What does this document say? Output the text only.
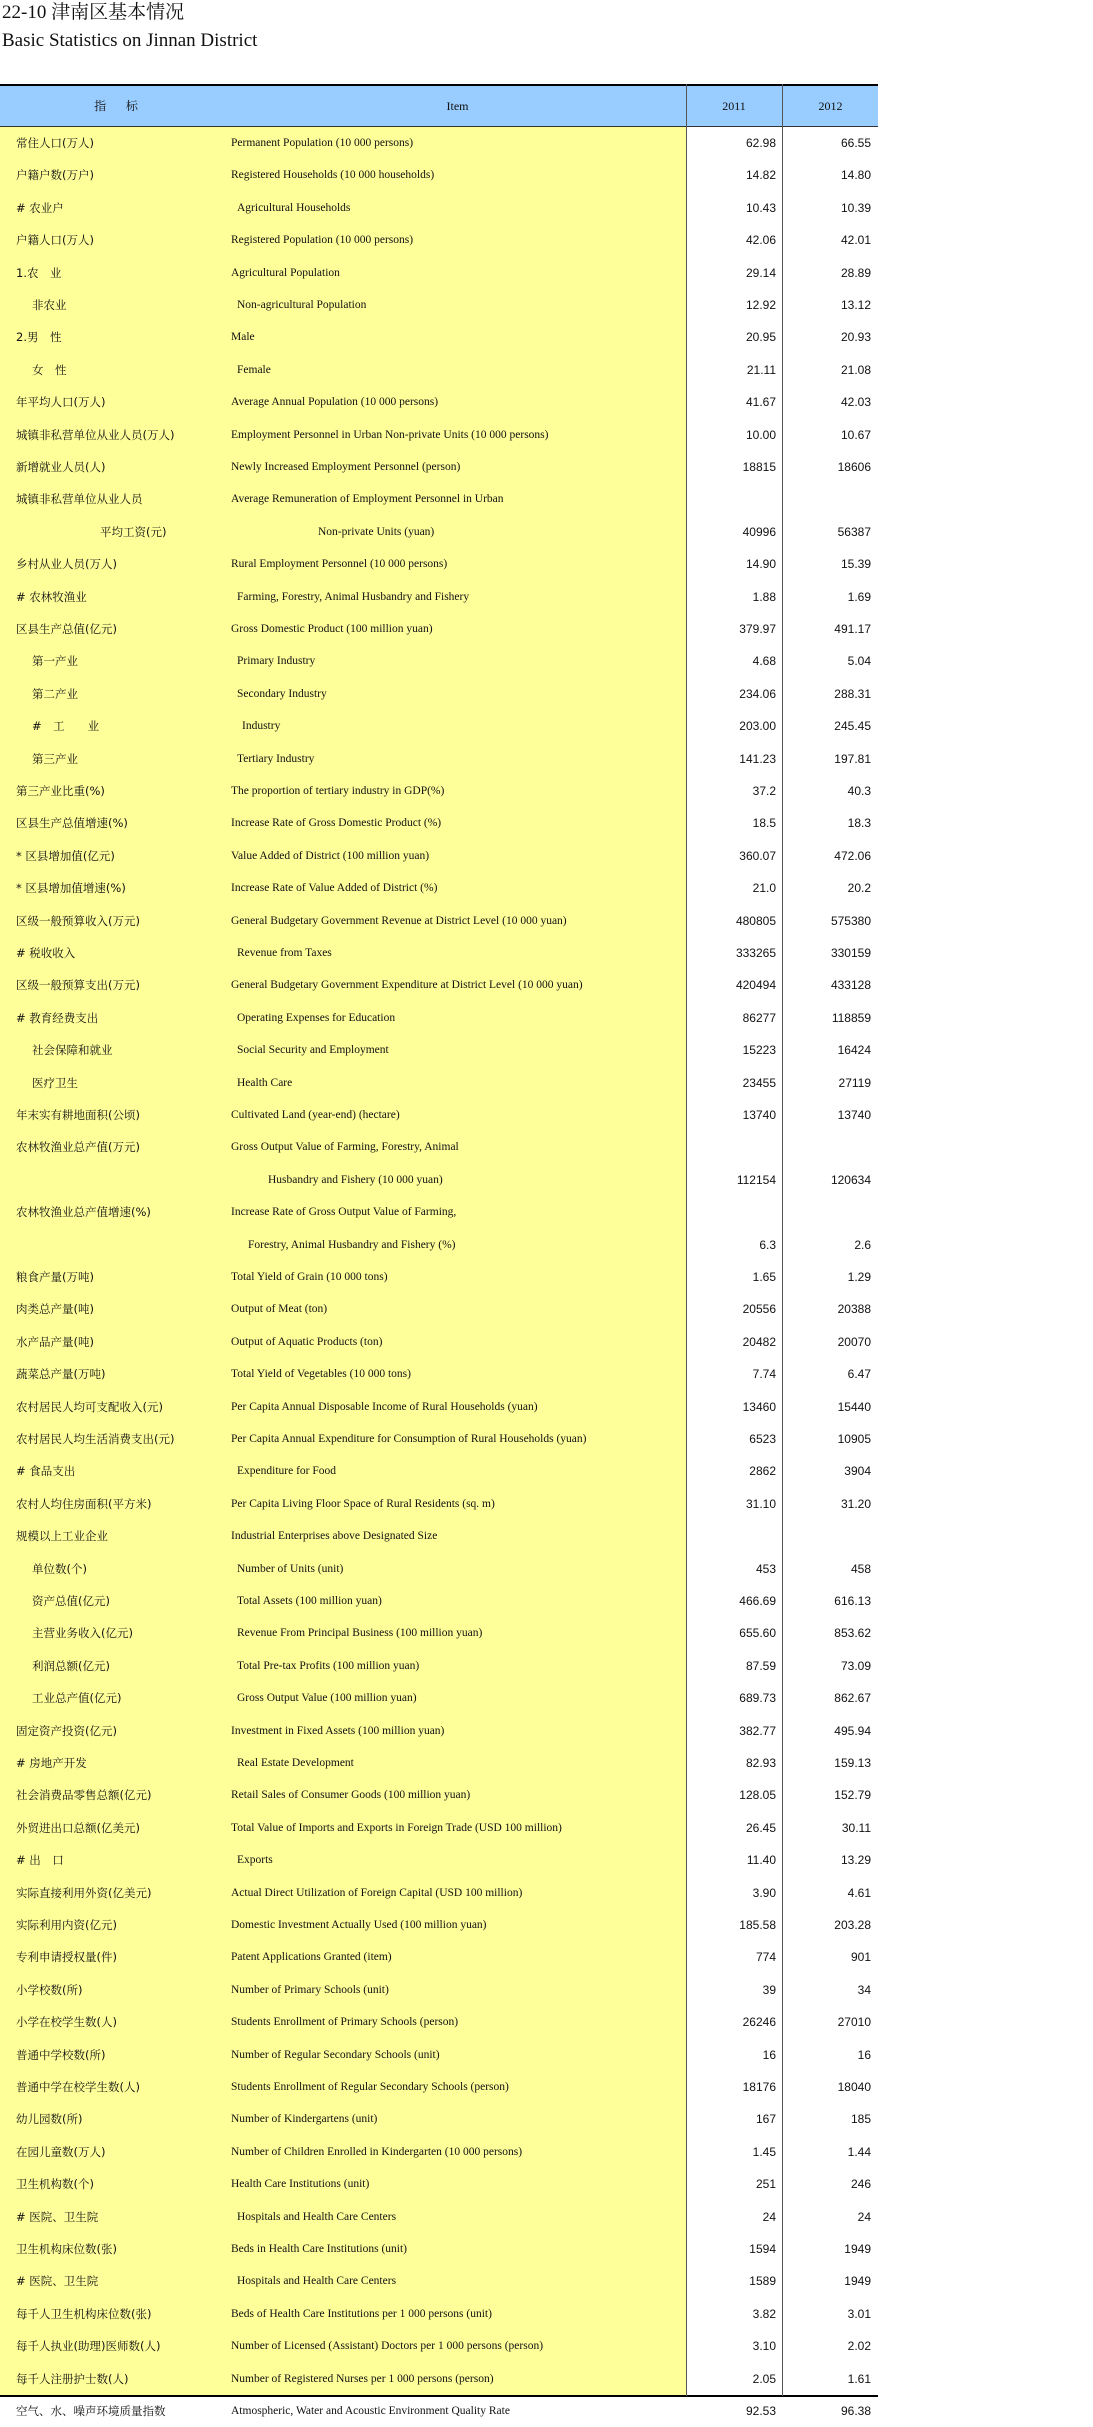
22-10 津南区基本情况
Basic Statistics on Jinnan District
指 标	Item	2011	2012
常住人口(万人)	Permanent Population (10 000 persons)	62.98	66.55
户籍户数(万户)	Registered Households (10 000 households)	14.82	14.80
# 农业户	Agricultural Households	10.43	10.39
户籍人口(万人)	Registered Population (10 000 persons)	42.06	42.01
1.农　业	Agricultural Population	29.14	28.89
非农业	Non-agricultural Population	12.92	13.12
2.男　性	Male	20.95	20.93
女　性	Female	21.11	21.08
年平均人口(万人)	Average Annual Population (10 000 persons)	41.67	42.03
城镇非私营单位从业人员(万人)	Employment Personnel in Urban Non-private Units (10 000 persons)	10.00	10.67
新增就业人员(人)	Newly Increased Employment Personnel (person)	18815	18606
城镇非私营单位从业人员	Average Remuneration of Employment Personnel in Urban
平均工资(元)	Non-private Units (yuan)	40996	56387
乡村从业人员(万人)	Rural Employment Personnel (10 000 persons)	14.90	15.39
# 农林牧渔业	Farming, Forestry, Animal Husbandry and Fishery	1.88	1.69
区县生产总值(亿元)	Gross Domestic Product (100 million yuan)	379.97	491.17
第一产业	Primary Industry	4.68	5.04
第二产业	Secondary Industry	234.06	288.31
#　工　　业	Industry	203.00	245.45
第三产业	Tertiary Industry	141.23	197.81
第三产业比重(%)	The proportion of tertiary industry in GDP(%)	37.2	40.3
区县生产总值增速(%)	Increase Rate of Gross Domestic Product (%)	18.5	18.3
* 区县增加值(亿元)	Value Added of District (100 million yuan)	360.07	472.06
* 区县增加值增速(%)	Increase Rate of Value Added of District (%)	21.0	20.2
区级一般预算收入(万元)	General Budgetary Government Revenue at District Level (10 000 yuan)	480805	575380
# 税收收入	Revenue from Taxes	333265	330159
区级一般预算支出(万元)	General Budgetary Government Expenditure at District Level (10 000 yuan)	420494	433128
# 教育经费支出	Operating Expenses for Education	86277	118859
社会保障和就业	Social Security and Employment	15223	16424
医疗卫生	Health Care	23455	27119
年末实有耕地面积(公顷)	Cultivated Land (year-end) (hectare)	13740	13740
农林牧渔业总产值(万元)	Gross Output Value of Farming, Forestry, Animal
Husbandry and Fishery (10 000 yuan)	112154	120634
农林牧渔业总产值增速(%)	Increase Rate of Gross Output Value of Farming,
Forestry, Animal Husbandry and Fishery (%)	6.3	2.6
粮食产量(万吨)	Total Yield of Grain (10 000 tons)	1.65	1.29
肉类总产量(吨)	Output of Meat (ton)	20556	20388
水产品产量(吨)	Output of Aquatic Products (ton)	20482	20070
蔬菜总产量(万吨)	Total Yield of Vegetables (10 000 tons)	7.74	6.47
农村居民人均可支配收入(元)	Per Capita Annual Disposable Income of Rural Households (yuan)	13460	15440
农村居民人均生活消费支出(元)	Per Capita Annual Expenditure for Consumption of Rural Households (yuan)	6523	10905
# 食品支出	Expenditure for Food	2862	3904
农村人均住房面积(平方米)	Per Capita Living Floor Space of Rural Residents (sq. m)	31.10	31.20
规模以上工业企业	Industrial Enterprises above Designated Size
单位数(个)	Number of Units (unit)	453	458
资产总值(亿元)	Total Assets (100 million yuan)	466.69	616.13
主营业务收入(亿元)	Revenue From Principal Business (100 million yuan)	655.60	853.62
利润总额(亿元)	Total Pre-tax Profits (100 million yuan)	87.59	73.09
工业总产值(亿元)	Gross Output Value (100 million yuan)	689.73	862.67
固定资产投资(亿元)	Investment in Fixed Assets (100 million yuan)	382.77	495.94
# 房地产开发	Real Estate Development	82.93	159.13
社会消费品零售总额(亿元)	Retail Sales of Consumer Goods (100 million yuan)	128.05	152.79
外贸进出口总额(亿美元)	Total Value of Imports and Exports in Foreign Trade (USD 100 million)	26.45	30.11
# 出　口	Exports	11.40	13.29
实际直接利用外资(亿美元)	Actual Direct Utilization of Foreign Capital (USD 100 million)	3.90	4.61
实际利用内资(亿元)	Domestic Investment Actually Used (100 million yuan)	185.58	203.28
专利申请授权量(件)	Patent Applications Granted (item)	774	901
小学校数(所)	Number of Primary Schools (unit)	39	34
小学在校学生数(人)	Students Enrollment of Primary Schools (person)	26246	27010
普通中学校数(所)	Number of Regular Secondary Schools (unit)	16	16
普通中学在校学生数(人)	Students Enrollment of Regular Secondary Schools (person)	18176	18040
幼儿园数(所)	Number of Kindergartens (unit)	167	185
在园儿童数(万人)	Number of Children Enrolled in Kindergarten (10 000 persons)	1.45	1.44
卫生机构数(个)	Health Care Institutions (unit)	251	246
# 医院、卫生院	Hospitals and Health Care Centers	24	24
卫生机构床位数(张)	Beds in Health Care Institutions (unit)	1594	1949
# 医院、卫生院	Hospitals and Health Care Centers	1589	1949
每千人卫生机构床位数(张)	Beds of Health Care Institutions per 1 000 persons (unit)	3.82	3.01
每千人执业(助理)医师数(人)	Number of Licensed (Assistant) Doctors per 1 000 persons (person)	3.10	2.02
每千人注册护士数(人)	Number of Registered Nurses per 1 000 persons (person)	2.05	1.61
空气、水、噪声环境质量指数	Atmospheric, Water and Acoustic Environment Quality Rate	92.53	96.38
